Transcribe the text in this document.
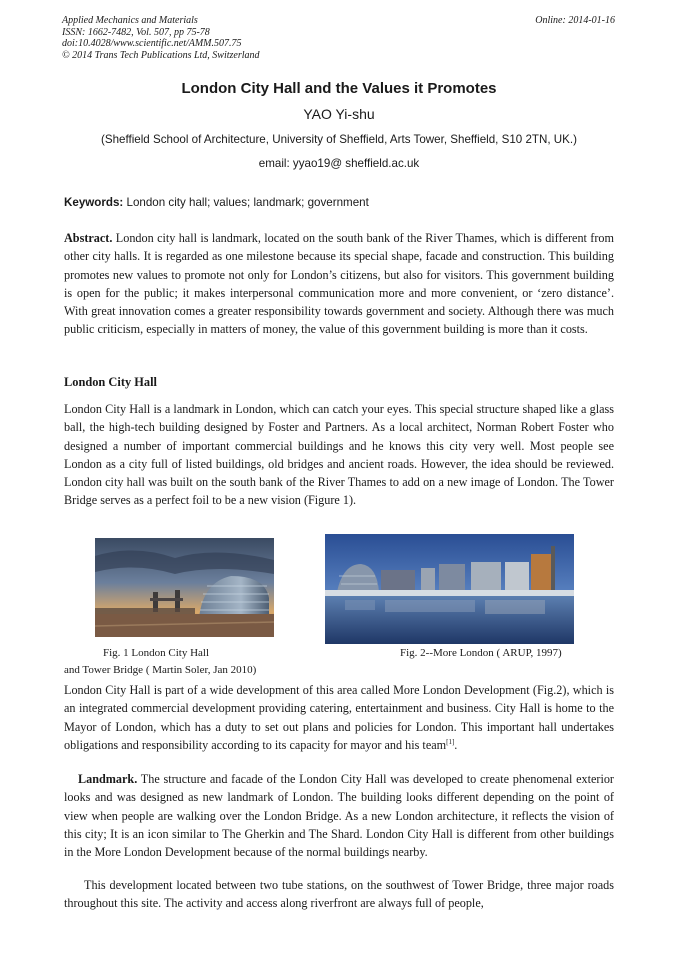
Applied Mechanics and Materials
ISSN: 1662-7482, Vol. 507, pp 75-78
doi:10.4028/www.scientific.net/AMM.507.75
© 2014 Trans Tech Publications Ltd, Switzerland
Online: 2014-01-16
London City Hall and the Values it Promotes
YAO Yi-shu
(Sheffield School of Architecture, University of Sheffield, Arts Tower, Sheffield, S10 2TN, UK.)
email: yyao19@ sheffield.ac.uk
Keywords: London city hall; values; landmark; government
Abstract. London city hall is landmark, located on the south bank of the River Thames, which is different from other city halls. It is regarded as one milestone because its special shape, facade and construction. This building promotes new values to promote not only for London’s citizens, but also for visitors. This government building is open for the public; it makes interpersonal communication more and more convenient, or ‘zero distance’. With great innovation comes a greater responsibility towards government and society. Although there was much public criticism, especially in matters of money, the value of this government building is more than it costs.
London City Hall
London City Hall is a landmark in London, which can catch your eyes. This special structure shaped like a glass ball, the high-tech building designed by Foster and Partners. As a local architect, Norman Robert Foster who designed a number of important commercial buildings and he knows this city very well. Most people see London as a city full of listed buildings, old bridges and ancient roads. However, the idea should be reviewed. London city hall was built on the south bank of the River Thames to add on a new image of London. The Tower Bridge serves as a perfect foil to be a new vision (Figure 1).
Fig. 1 London City Hall
and Tower Bridge ( Martin Soler, Jan 2010)
Fig. 2--More London ( ARUP, 1997)
London City Hall is part of a wide development of this area called More London Development (Fig.2), which is an integrated commercial development providing catering, entertainment and business. City Hall is home to the Mayor of London, which has a duty to set out plans and policies for London. This important hall undertakes obligations and responsibility according to its capacity for mayor and his team[1].
Landmark. The structure and facade of the London City Hall was developed to create phenomenal exterior looks and was designed as new landmark of London. The building looks different depending on the point of view when people are walking over the London Bridge. As a new London architecture, it reflects the vision of this city; It is an icon similar to The Gherkin and The Shard. London City Hall is different from other buildings in the More London Development because of the normal buildings nearby.
This development located between two tube stations, on the southwest of Tower Bridge, three major roads throughout this site. The activity and access along riverfront are always full of people,
